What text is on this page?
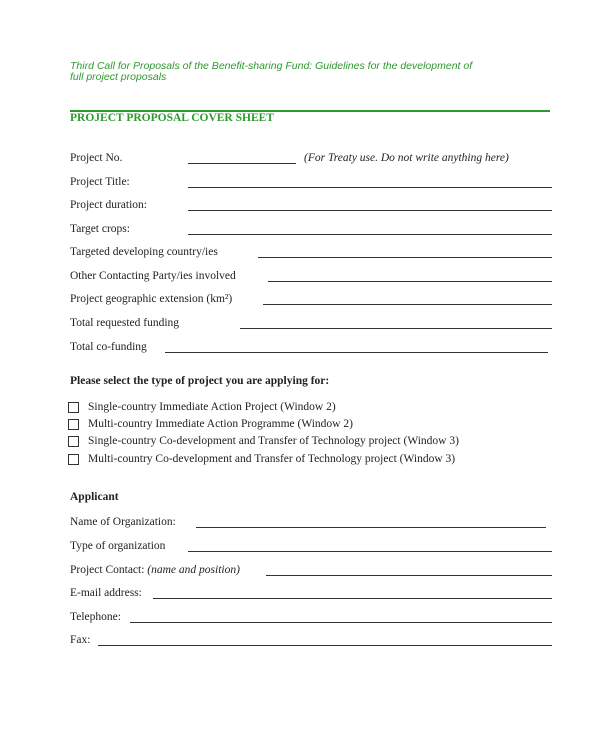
Third Call for Proposals of the Benefit-sharing Fund: Guidelines for the development of
full project proposals
PROJECT PROPOSAL COVER SHEET
Project No.	(For Treaty use. Do not write anything here)
Project Title:
Project duration:
Target crops:
Targeted developing country/ies
Other Contacting Party/ies involved
Project geographic extension (km²)
Total requested funding
Total co-funding
Please select the type of project you are applying for:
Single-country Immediate Action Project (Window 2)
Multi-country Immediate Action Programme (Window 2)
Single-country Co-development and Transfer of Technology project (Window 3)
Multi-country Co-development and Transfer of Technology project (Window 3)
Applicant
Name of Organization:
Type of organization
Project Contact: (name and position)
E-mail address:
Telephone:
Fax:
